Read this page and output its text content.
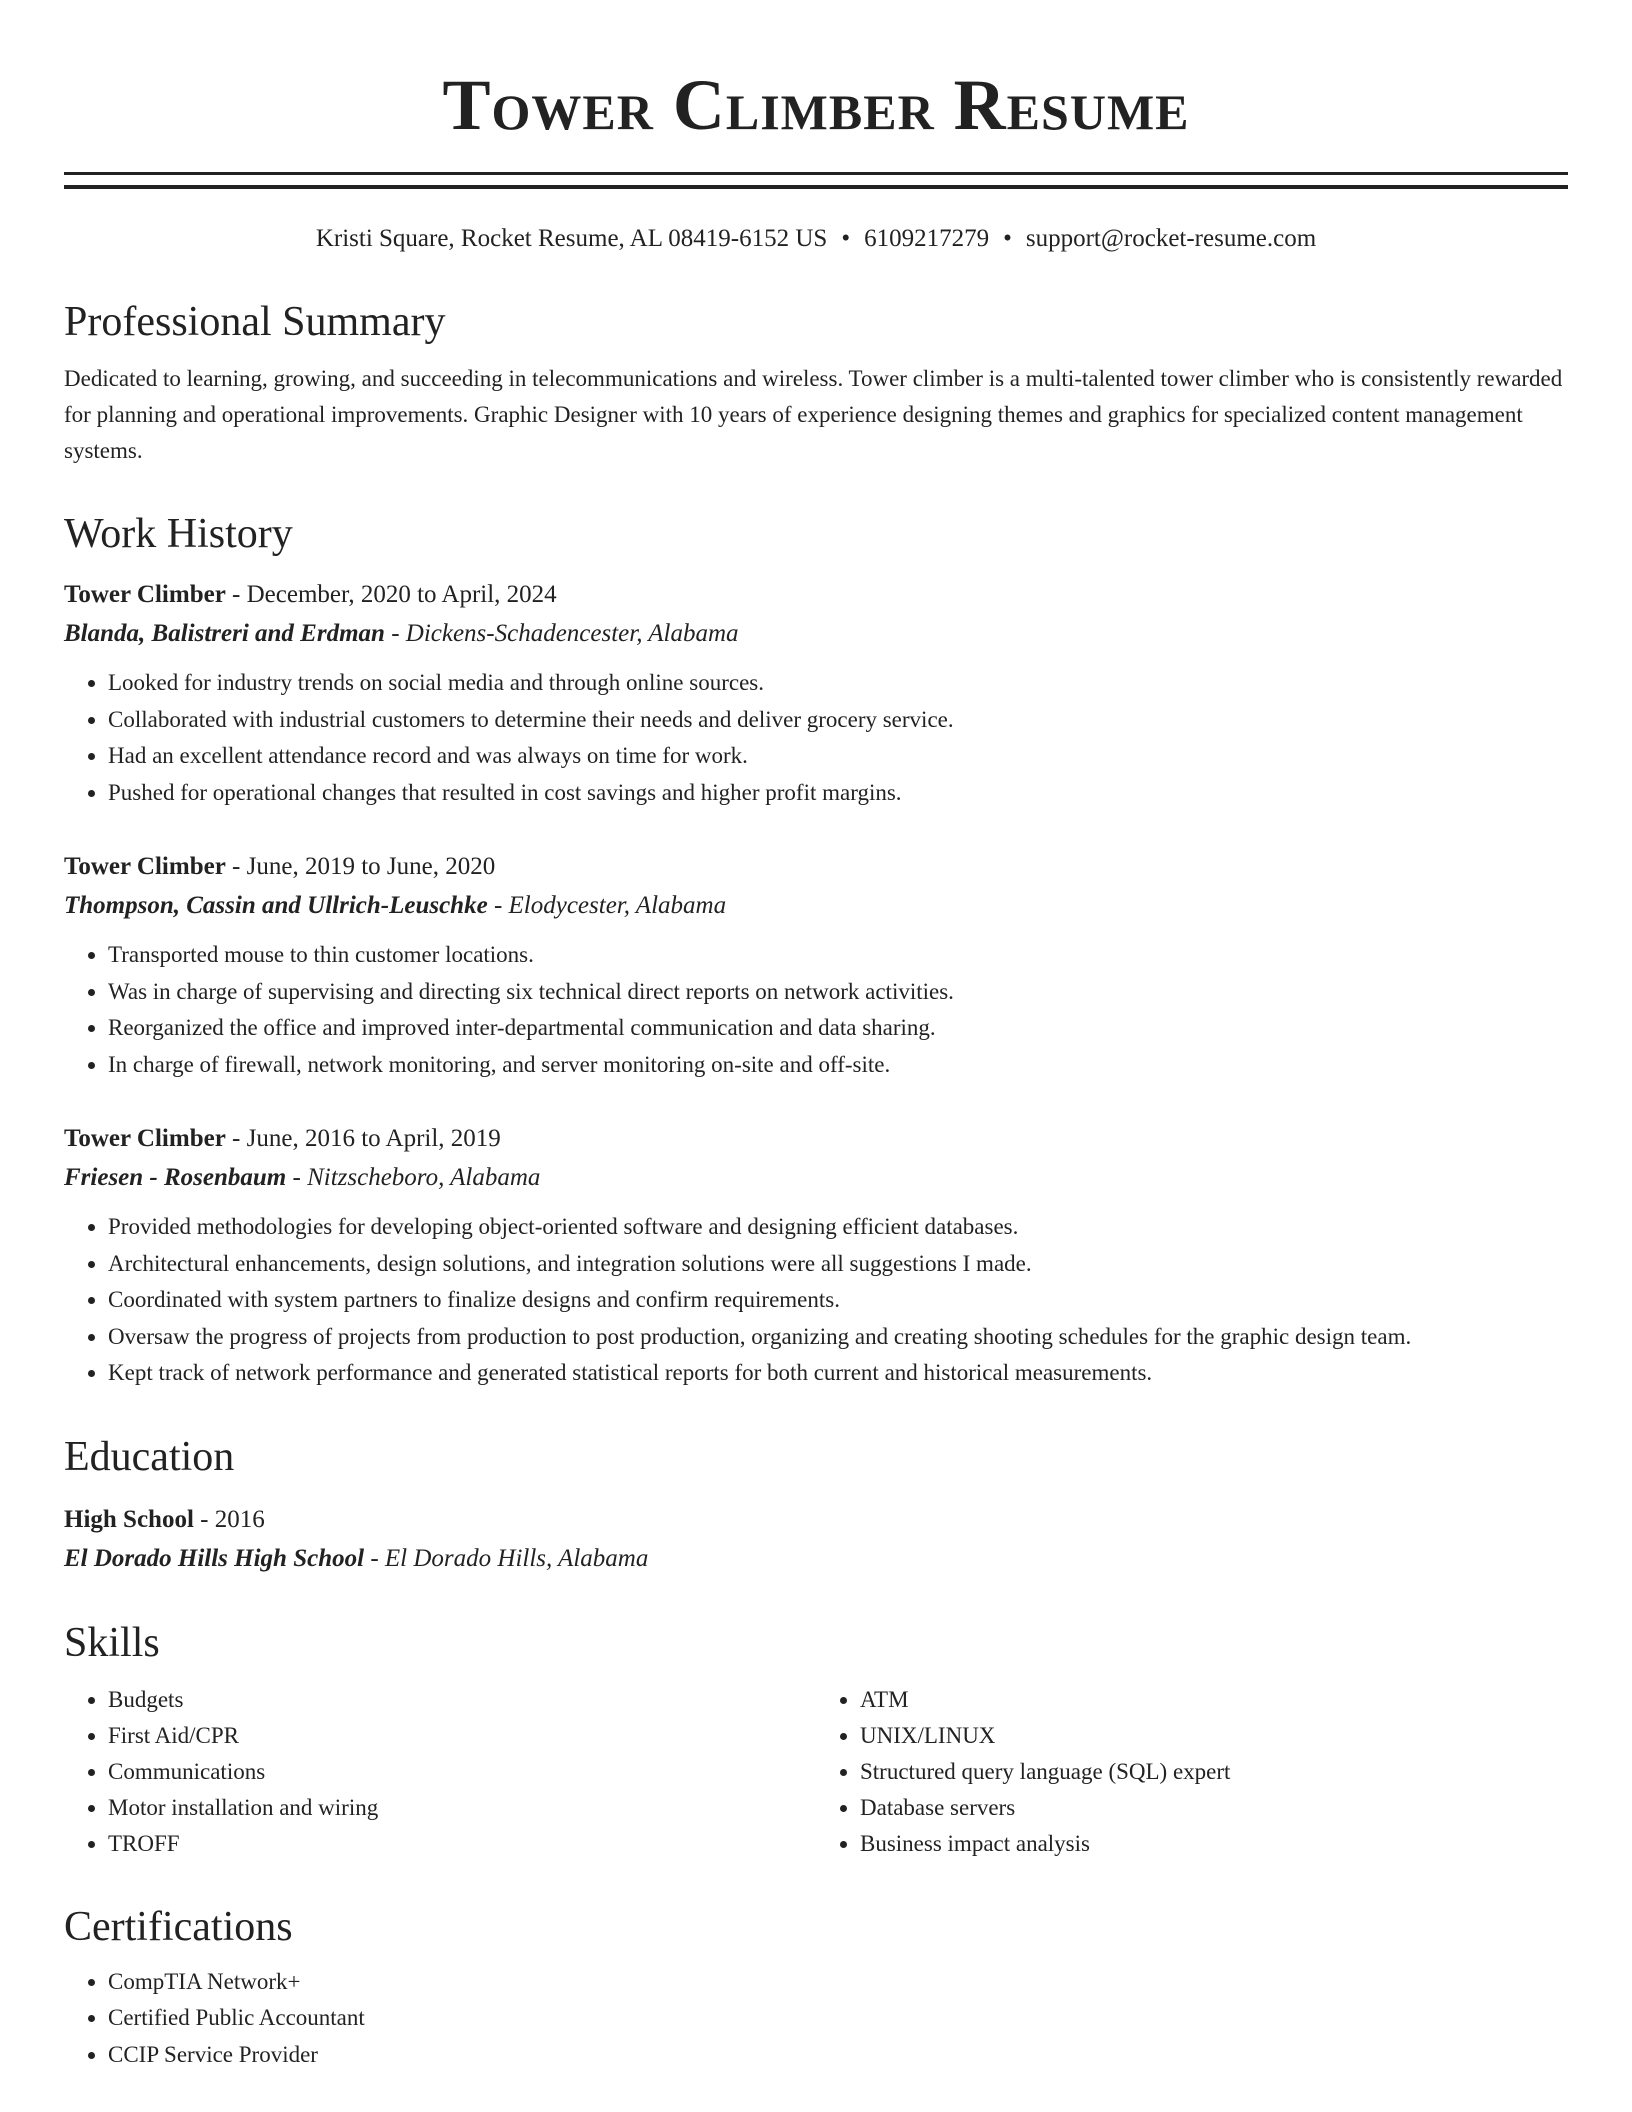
Tower Climber Resume
Kristi Square, Rocket Resume, AL 08419-6152 US • 6109217279 • support@rocket-resume.com
Professional Summary
Dedicated to learning, growing, and succeeding in telecommunications and wireless. Tower climber is a multi-talented tower climber who is consistently rewarded for planning and operational improvements. Graphic Designer with 10 years of experience designing themes and graphics for specialized content management systems.
Work History
Tower Climber - December, 2020 to April, 2024
Blanda, Balistreri and Erdman - Dickens-Schadencester, Alabama
• Looked for industry trends on social media and through online sources.
• Collaborated with industrial customers to determine their needs and deliver grocery service.
• Had an excellent attendance record and was always on time for work.
• Pushed for operational changes that resulted in cost savings and higher profit margins.
Tower Climber - June, 2019 to June, 2020
Thompson, Cassin and Ullrich-Leuschke - Elodycester, Alabama
• Transported mouse to thin customer locations.
• Was in charge of supervising and directing six technical direct reports on network activities.
• Reorganized the office and improved inter-departmental communication and data sharing.
• In charge of firewall, network monitoring, and server monitoring on-site and off-site.
Tower Climber - June, 2016 to April, 2019
Friesen - Rosenbaum - Nitzscheboro, Alabama
• Provided methodologies for developing object-oriented software and designing efficient databases.
• Architectural enhancements, design solutions, and integration solutions were all suggestions I made.
• Coordinated with system partners to finalize designs and confirm requirements.
• Oversaw the progress of projects from production to post production, organizing and creating shooting schedules for the graphic design team.
• Kept track of network performance and generated statistical reports for both current and historical measurements.
Education
High School - 2016
El Dorado Hills High School - El Dorado Hills, Alabama
Skills
• Budgets
• First Aid/CPR
• Communications
• Motor installation and wiring
• TROFF
• ATM
• UNIX/LINUX
• Structured query language (SQL) expert
• Database servers
• Business impact analysis
Certifications
• CompTIA Network+
• Certified Public Accountant
• CCIP Service Provider
